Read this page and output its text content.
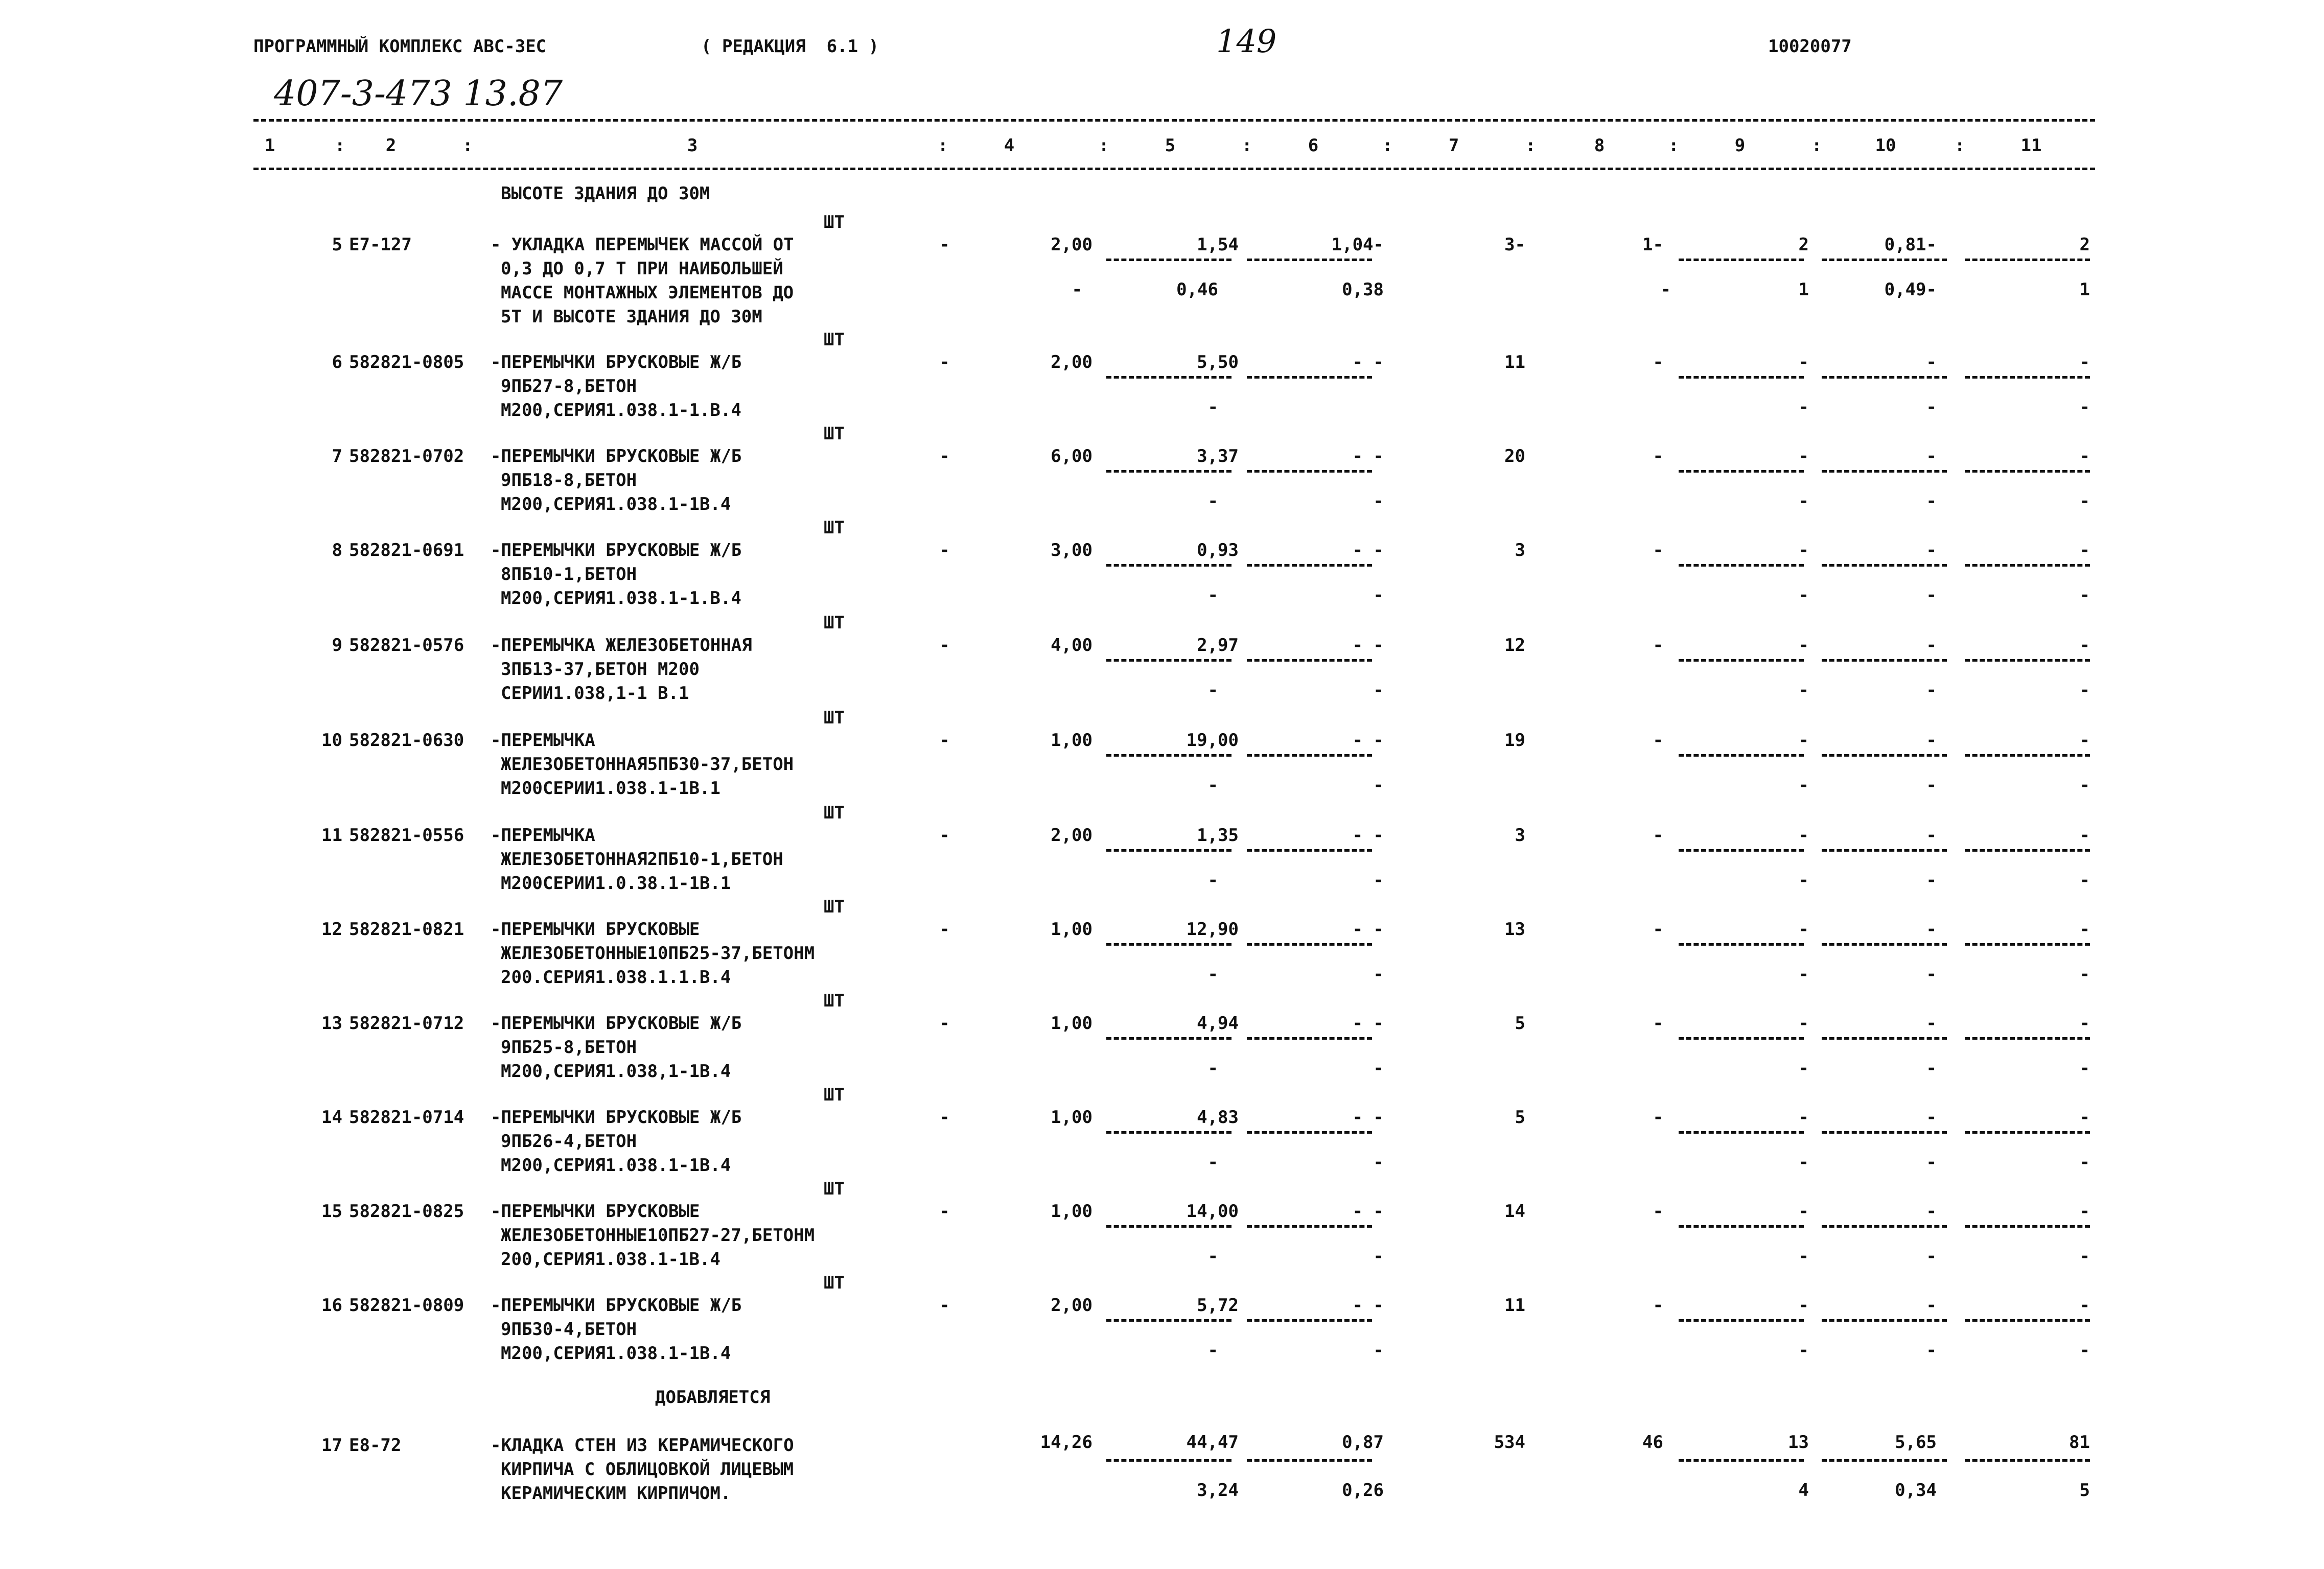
ПРОГРАММНЫЙ КОМПЛЕКС АВС-ЗЕС	( РЕДАКЦИЯ  6.1 )	149	10020077
407-3-473 13.87
1	:	2	:	3	:	4	:	5	:	6	:	7	:	8	:	9	:	10	:	11
ВЫСОТЕ ЗДАНИЯ ДО 30М
ШТ
5 Е7-127	- УКЛАДКА ПЕРЕМЫЧЕК МАССОЙ ОТ
0,3 ДО 0,7 Т ПРИ НАИБОЛЬШЕЙ
МАССЕ МОНТАЖНЫХ ЭЛЕМЕНТОВ ДО
5Т И ВЫСОТЕ ЗДАНИЯ ДО 30М
-	2,00	1,54	1,04-	3-	1-	2	0,81-	2
-	0,46	0,38	-	1	0,49-	1
ШТ
6 582821-0805 -ПЕРЕМЫЧКИ БРУСКОВЫЕ Ж/Б
9ПБ27-8,БЕТОН
М200,СЕРИЯ1.038.1-1.В.4
-	2,00	5,50	- -	11	-	-	-	-
-	-	-	-
ШТ
7 582821-0702 -ПЕРЕМЫЧКИ БРУСКОВЫЕ Ж/Б
9ПБ18-8,БЕТОН
М200,СЕРИЯ1.038.1-1В.4
-	6,00	3,37	- -	20	-	-	-	-
-	-	-	-	-
ШТ
8 582821-0691 -ПЕРЕМЫЧКИ БРУСКОВЫЕ Ж/Б
8ПБ10-1,БЕТОН
М200,СЕРИЯ1.038.1-1.В.4
-	3,00	0,93	- -	3	-	-	-	-
-	-	-	-	-
ШТ
9 582821-0576 -ПЕРЕМЫЧКА ЖЕЛЕЗОБЕТОННАЯ
3ПБ13-37,БЕТОН М200
СЕРИИ1.038,1-1 В.1
-	4,00	2,97	- -	12	-	-	-	-
-	-	-	-	-
ШТ
10 582821-0630 -ПЕРЕМЫЧКА
ЖЕЛЕЗОБЕТОННАЯ5ПБ30-37,БЕТОН
М200СЕРИИ1.038.1-1В.1
-	1,00	19,00	- -	19	-	-	-	-
-	-	-	-	-
ШТ
11 582821-0556 -ПЕРЕМЫЧКА
ЖЕЛЕЗОБЕТОННАЯ2ПБ10-1,БЕТОН
М200СЕРИИ1.0.38.1-1В.1
-	2,00	1,35	- -	3	-	-	-	-
-	-	-	-	-
ШТ
12 582821-0821 -ПЕРЕМЫЧКИ БРУСКОВЫЕ
ЖЕЛЕЗОБЕТОННЫЕ10ПБ25-37,БЕТОНМ
200.СЕРИЯ1.038.1.1.В.4
-	1,00	12,90	- -	13	-	-	-	-
-	-	-	-	-
ШТ
13 582821-0712 -ПЕРЕМЫЧКИ БРУСКОВЫЕ Ж/Б
9ПБ25-8,БЕТОН
М200,СЕРИЯ1.038,1-1В.4
-	1,00	4,94	- -	5	-	-	-	-
-	-	-	-	-
ШТ
14 582821-0714 -ПЕРЕМЫЧКИ БРУСКОВЫЕ Ж/Б
9ПБ26-4,БЕТОН
М200,СЕРИЯ1.038.1-1В.4
-	1,00	4,83	- -	5	-	-	-	-
-	-	-	-	-
ШТ
15 582821-0825 -ПЕРЕМЫЧКИ БРУСКОВЫЕ
ЖЕЛЕЗОБЕТОННЫЕ10ПБ27-27,БЕТОНМ
200,СЕРИЯ1.038.1-1В.4
-	1,00	14,00	- -	14	-	-	-	-
-	-	-	-	-
ШТ
16 582821-0809 -ПЕРЕМЫЧКИ БРУСКОВЫЕ Ж/Б
9ПБ30-4,БЕТОН
М200,СЕРИЯ1.038.1-1В.4
-	2,00	5,72	- -	11	-	-	-	-
-	-	-	-	-
ДОБАВЛЯЕТСЯ
17 Е8-72	-КЛАДКА СТЕН ИЗ КЕРАМИЧЕСКОГО
КИРПИЧА С ОБЛИЦОВКОЙ ЛИЦЕВЫМ
КЕРАМИЧЕСКИМ КИРПИЧОМ.
14,26	44,47	0,87	534	46	13	5,65	81
3,24	0,26	4	0,34	5
